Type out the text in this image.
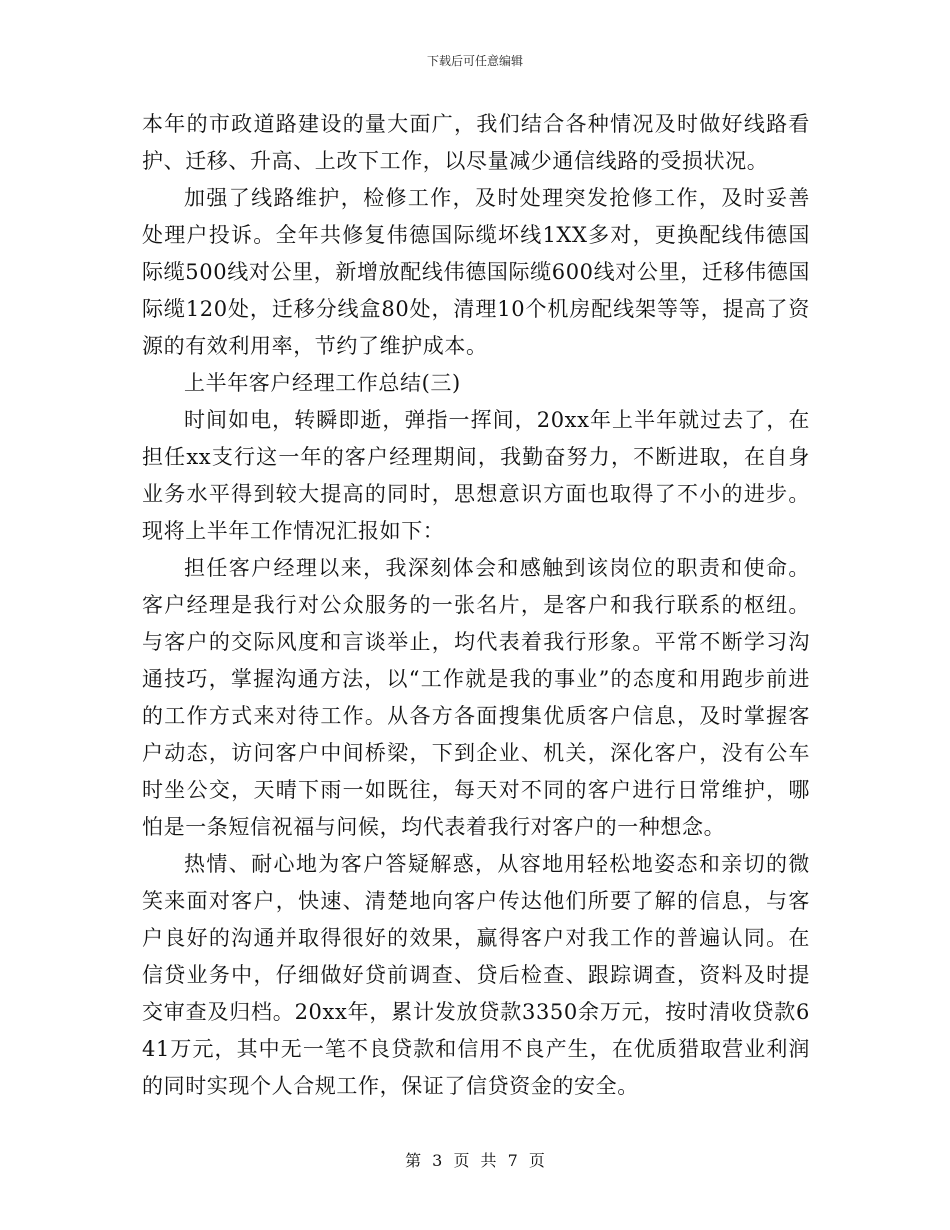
下载后可任意编辑

本年的市政道路建设的量大面广，我们结合各种情况及时做好线路看护、迁移、升高、上改下工作，以尽量减少通信线路的受损状况。

加强了线路维护，检修工作，及时处理突发抢修工作，及时妥善处理户投诉。全年共修复伟德国际缆坏线1XX多对，更换配线伟德国际缆500线对公里，新增放配线伟德国际缆600线对公里，迁移伟德国际缆120处，迁移分线盒80处，清理10个机房配线架等等，提高了资源的有效利用率，节约了维护成本。

上半年客户经理工作总结(三)

时间如电，转瞬即逝，弹指一挥间，20xx年上半年就过去了，在担任xx支行这一年的客户经理期间，我勤奋努力，不断进取，在自身业务水平得到较大提高的同时，思想意识方面也取得了不小的进步。现将上半年工作情况汇报如下：

担任客户经理以来，我深刻体会和感触到该岗位的职责和使命。客户经理是我行对公众服务的一张名片，是客户和我行联系的枢纽。与客户的交际风度和言谈举止，均代表着我行形象。平常不断学习沟通技巧，掌握沟通方法，以“工作就是我的事业”的态度和用跑步前进的工作方式来对待工作。从各方各面搜集优质客户信息，及时掌握客户动态，访问客户中间桥梁，下到企业、机关，深化客户，没有公车时坐公交，天晴下雨一如既往，每天对不同的客户进行日常维护，哪怕是一条短信祝福与问候，均代表着我行对客户的一种想念。

热情、耐心地为客户答疑解惑，从容地用轻松地姿态和亲切的微笑来面对客户，快速、清楚地向客户传达他们所要了解的信息，与客户良好的沟通并取得很好的效果，赢得客户对我工作的普遍认同。在信贷业务中，仔细做好贷前调查、贷后检查、跟踪调查，资料及时提交审查及归档。20xx年，累计发放贷款3350余万元，按时清收贷款641万元，其中无一笔不良贷款和信用不良产生，在优质猎取营业利润的同时实现个人合规工作，保证了信贷资金的安全。

第 3 页 共 7 页
